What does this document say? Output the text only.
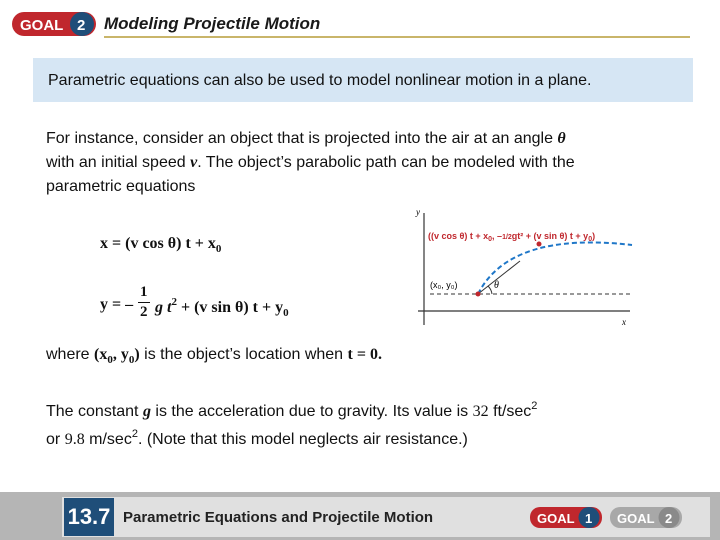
GOAL 2 Modeling Projectile Motion
Parametric equations can also be used to model nonlinear motion in a plane.
For instance, consider an object that is projected into the air at an angle θ
with an initial speed v. The object’s parabolic path can be modeled with the
parametric equations
x = (v cos θ) $t + x_0$
y = –
1
2 g $t^2 + (v$ sin θ) $t + y_0$
y
x
θ
(x₀, y₀)
((v cos θ) $t + x_0$, –1/2gt² + (v sin θ) $t + y_0$)
where ($x_0$, $y_0$) is the object’s location when t = 0.
The constant g is the acceleration due to gravity. Its value is 32 $ft/\sec^2$
or 9.8 $m/\sec^2$. (Note that this model neglects air resistance.)
13.7 Parametric Equations and Projectile Motion	GOAL 1 GOAL 2
